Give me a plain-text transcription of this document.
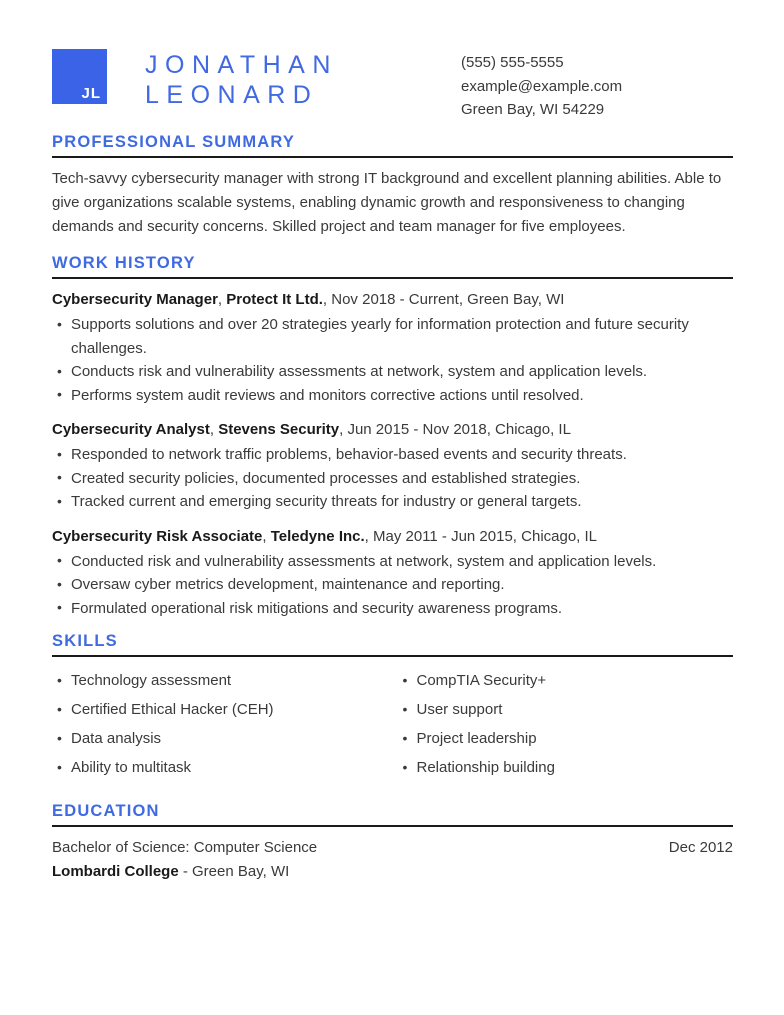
JL
JONATHAN
LEONARD
(555) 555-5555
example@example.com
Green Bay, WI 54229
PROFESSIONAL SUMMARY
Tech-savvy cybersecurity manager with strong IT background and excellent planning abilities. Able to give organizations scalable systems, enabling dynamic growth and responsiveness to changing demands and security concerns. Skilled project and team manager for five employees.
WORK HISTORY
Cybersecurity Manager, Protect It Ltd., Nov 2018 - Current, Green Bay, WI
• Supports solutions and over 20 strategies yearly for information protection and future security challenges.
• Conducts risk and vulnerability assessments at network, system and application levels.
• Performs system audit reviews and monitors corrective actions until resolved.
Cybersecurity Analyst, Stevens Security, Jun 2015 - Nov 2018, Chicago, IL
• Responded to network traffic problems, behavior-based events and security threats.
• Created security policies, documented processes and established strategies.
• Tracked current and emerging security threats for industry or general targets.
Cybersecurity Risk Associate, Teledyne Inc., May 2011 - Jun 2015, Chicago, IL
• Conducted risk and vulnerability assessments at network, system and application levels.
• Oversaw cyber metrics development, maintenance and reporting.
• Formulated operational risk mitigations and security awareness programs.
SKILLS
• Technology assessment
• Certified Ethical Hacker (CEH)
• Data analysis
• Ability to multitask
• CompTIA Security+
• User support
• Project leadership
• Relationship building
EDUCATION
Bachelor of Science: Computer Science	Dec 2012
Lombardi College - Green Bay, WI
